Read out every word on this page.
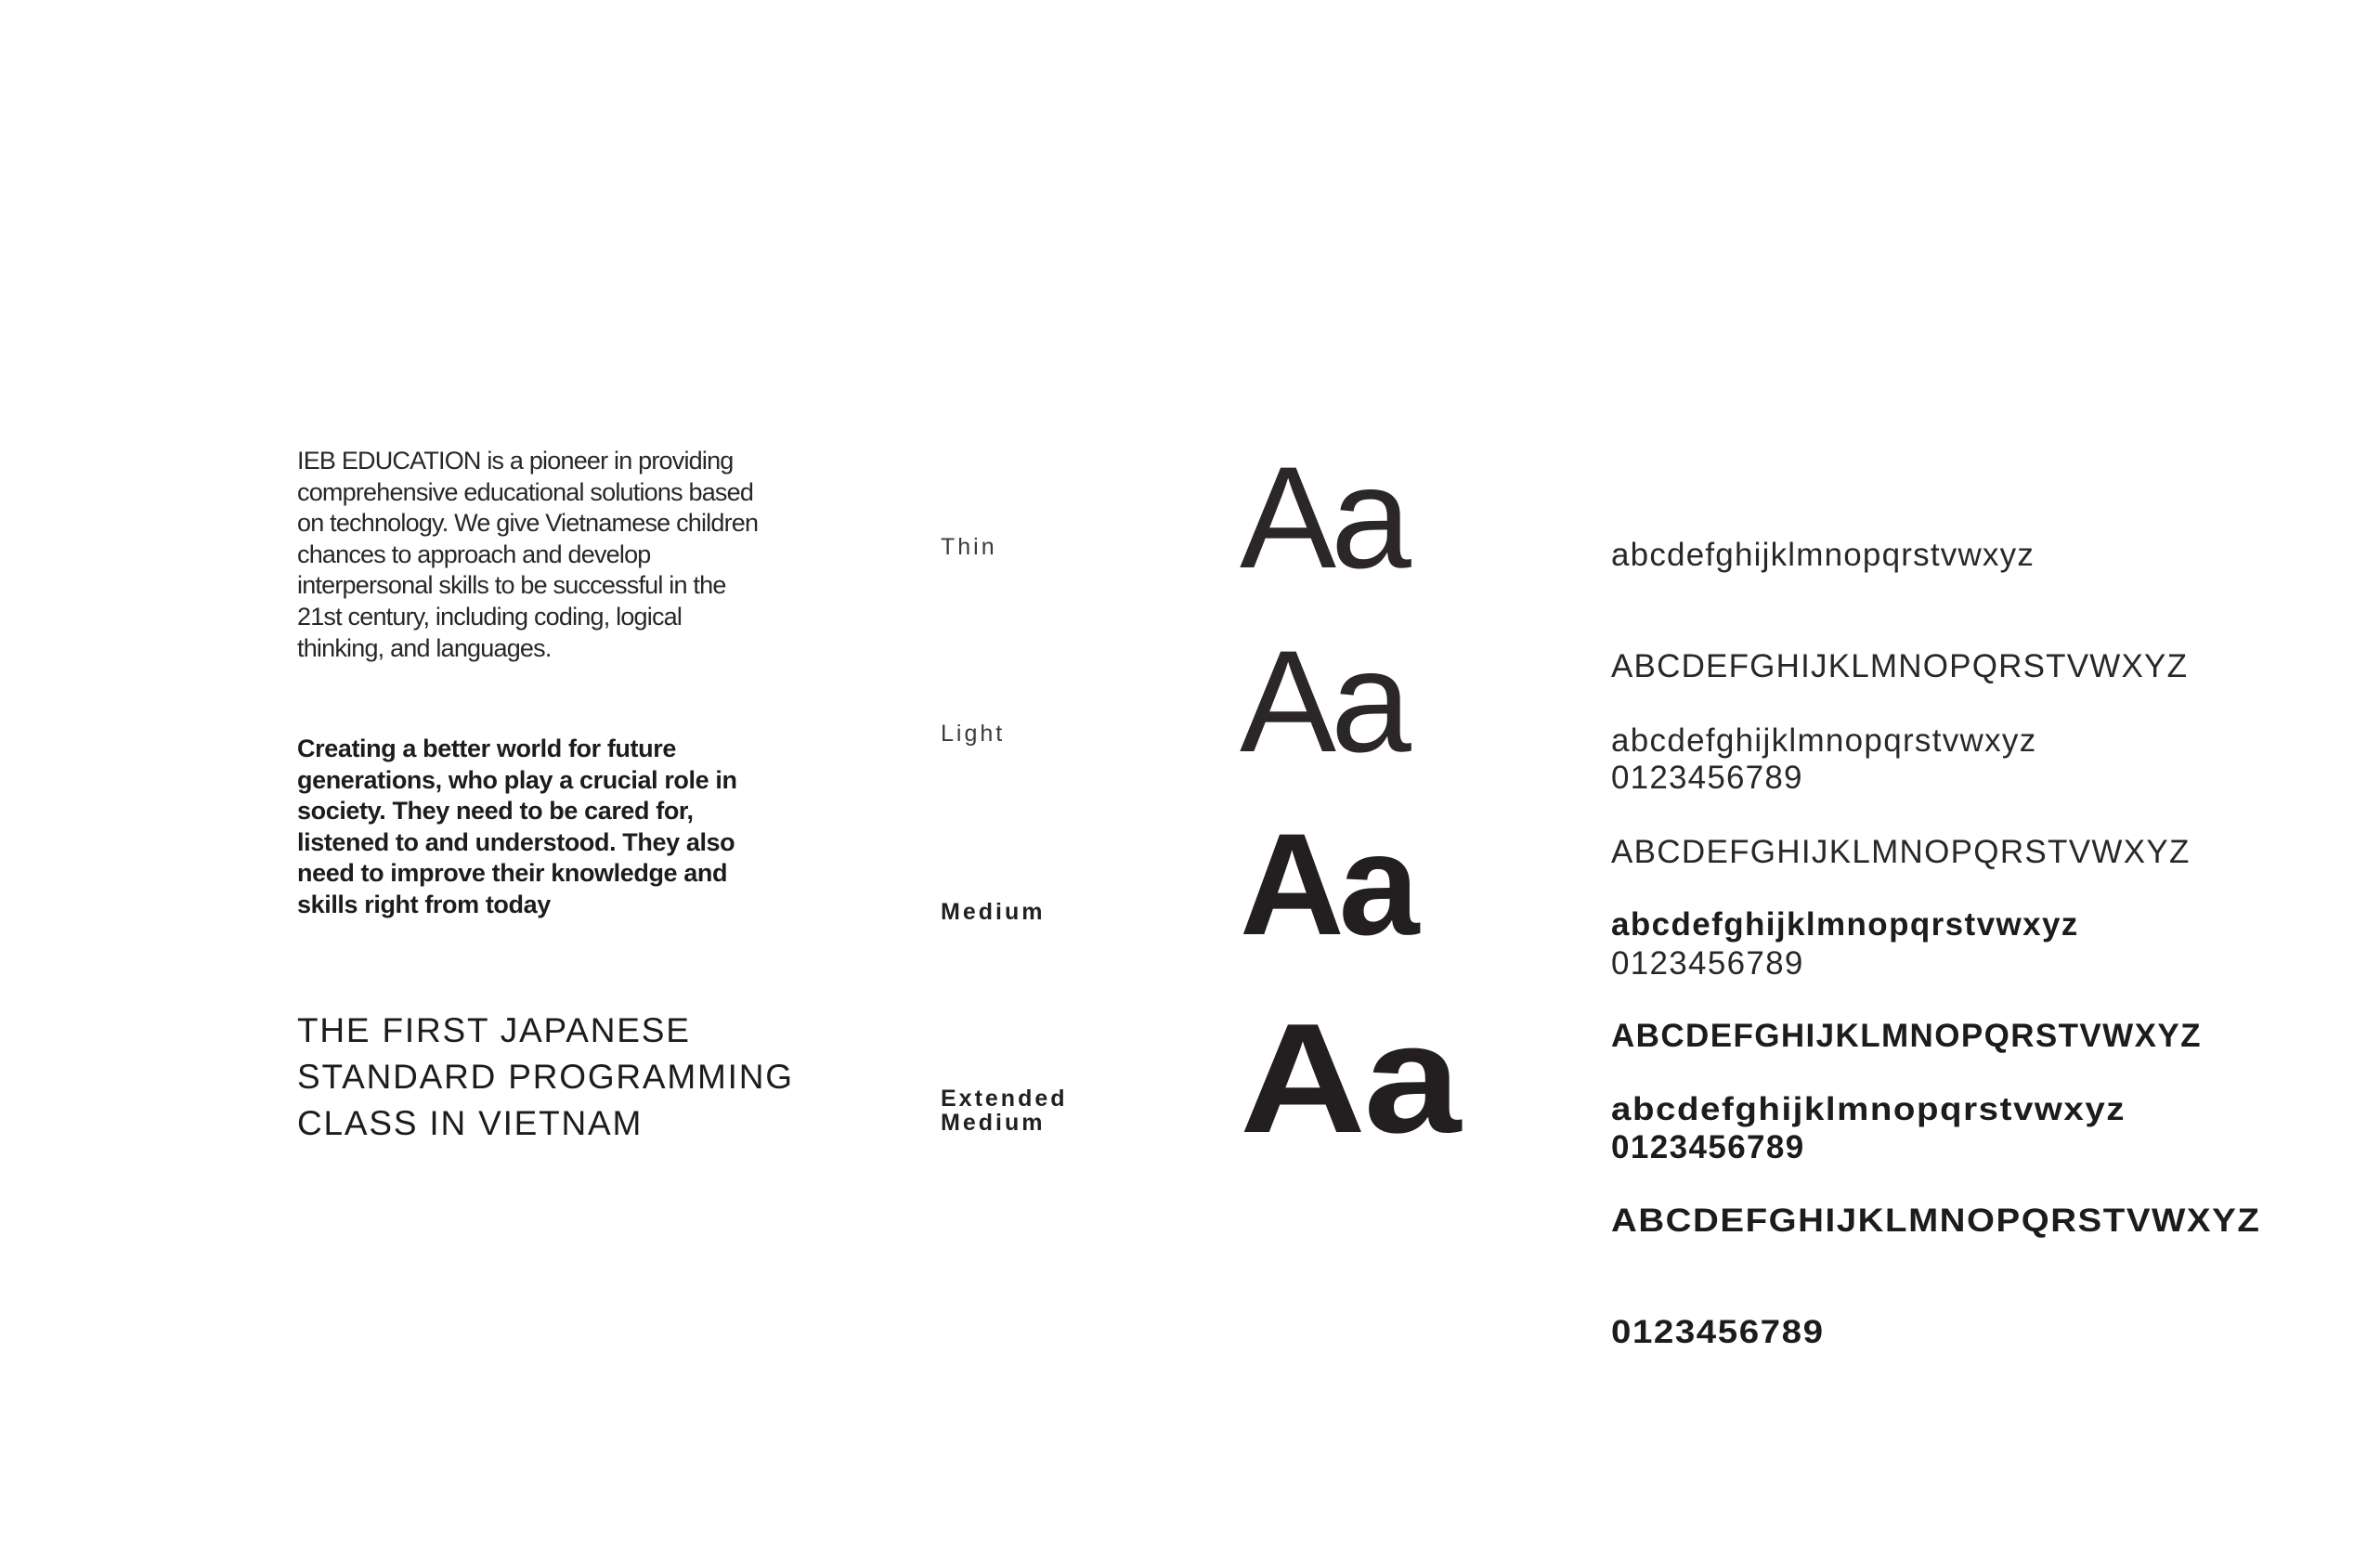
IEB EDUCATION is a pioneer in providing comprehensive educational solutions based on technology. We give Vietnamese children chances to approach and develop interpersonal skills to be successful in the 21st century, including coding, logical thinking, and languages.

Creating a better world for future generations, who play a crucial role in society. They need to be cared for, listened to and understood. They also need to improve their knowledge and skills right from today

THE FIRST JAPANESE
STANDARD PROGRAMMING
CLASS IN VIETNAM
Thin
Light
Medium
Extended
Medium
Aa
Aa
Aa
Aa

abcdefghijklmnopqrstvwxyz

ABCDEFGHIJKLMNOPQRSTVWXYZ

0123456789

abcdefghijklmnopqrstvwxyz

ABCDEFGHIJKLMNOPQRSTVWXYZ

0123456789

abcdefghijklmnopqrstvwxyz

ABCDEFGHIJKLMNOPQRSTVWXYZ

0123456789

abcdefghijklmnopqrstvwxyz

ABCDEFGHIJKLMNOPQRSTVWXYZ

0123456789
